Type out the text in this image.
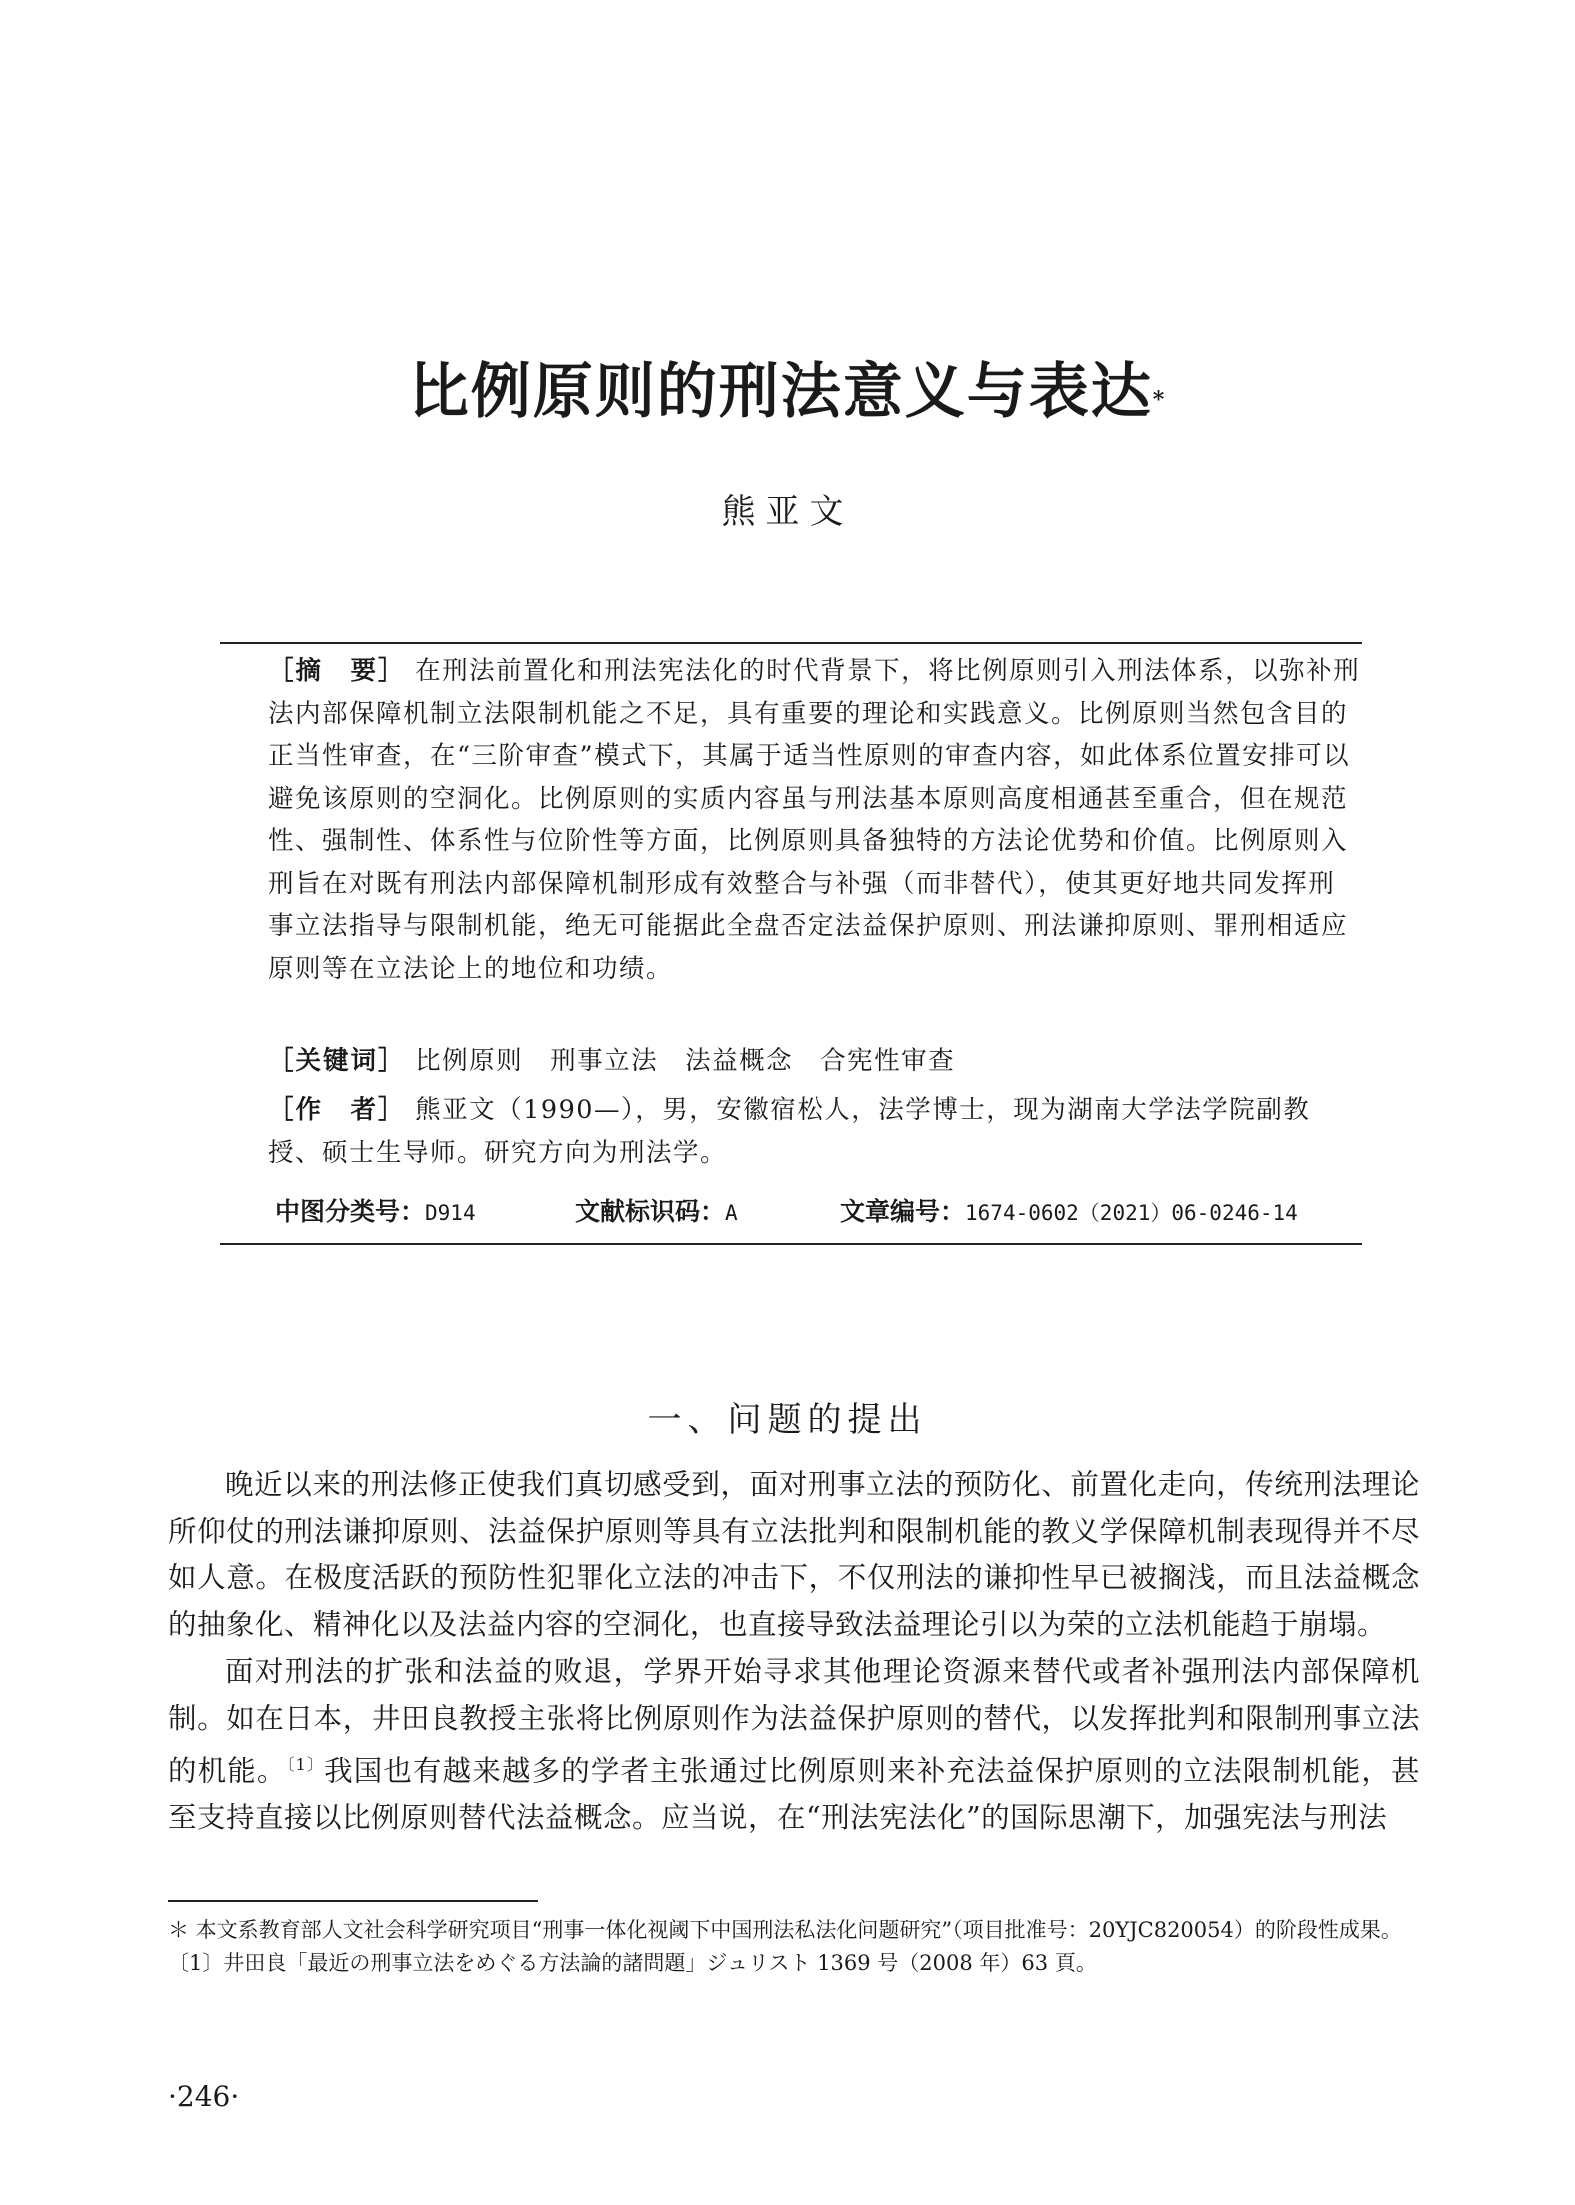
比例原则的刑法意义与表达*
熊亚文
［摘　要］ 在刑法前置化和刑法宪法化的时代背景下，将比例原则引入刑法体系，以弥补刑法内部保障机制立法限制机能之不足，具有重要的理论和实践意义。比例原则当然包含目的正当性审查，在“三阶审查”模式下，其属于适当性原则的审查内容，如此体系位置安排可以避免该原则的空洞化。比例原则的实质内容虽与刑法基本原则高度相通甚至重合，但在规范性、强制性、体系性与位阶性等方面，比例原则具备独特的方法论优势和价值。比例原则入刑旨在对既有刑法内部保障机制形成有效整合与补强（而非替代），使其更好地共同发挥刑事立法指导与限制机能，绝无可能据此全盘否定法益保护原则、刑法谦抑原则、罪刑相适应原则等在立法论上的地位和功绩。
［关键词］ 比例原则　刑事立法　法益概念　合宪性审查
［作　者］ 熊亚文（1990—），男，安徽宿松人，法学博士，现为湖南大学法学院副教授、硕士生导师。研究方向为刑法学。
中图分类号：D914	文献标识码：A	文章编号：1674-0602（2021）06-0246-14
一、问题的提出

晚近以来的刑法修正使我们真切感受到，面对刑事立法的预防化、前置化走向，传统刑法理论所仰仗的刑法谦抑原则、法益保护原则等具有立法批判和限制机能的教义学保障机制表现得并不尽如人意。在极度活跃的预防性犯罪化立法的冲击下，不仅刑法的谦抑性早已被搁浅，而且法益概念的抽象化、精神化以及法益内容的空洞化，也直接导致法益理论引以为荣的立法机能趋于崩塌。

面对刑法的扩张和法益的败退，学界开始寻求其他理论资源来替代或者补强刑法内部保障机制。如在日本，井田良教授主张将比例原则作为法益保护原则的替代，以发挥批判和限制刑事立法的机能。$^{〔1〕}$我国也有越来越多的学者主张通过比例原则来补充法益保护原则的立法限制机能，甚至支持直接以比例原则替代法益概念。应当说，在“刑法宪法化”的国际思潮下，加强宪法与刑法

＊ 本文系教育部人文社会科学研究项目“刑事一体化视阈下中国刑法私法化问题研究”（项目批准号：20YJC820054）的阶段性成果。

〔1〕井田良「最近の刑事立法をめぐる方法論的諸問題」ジュリスト 1369 号（2008 年）63 頁。

·246·
